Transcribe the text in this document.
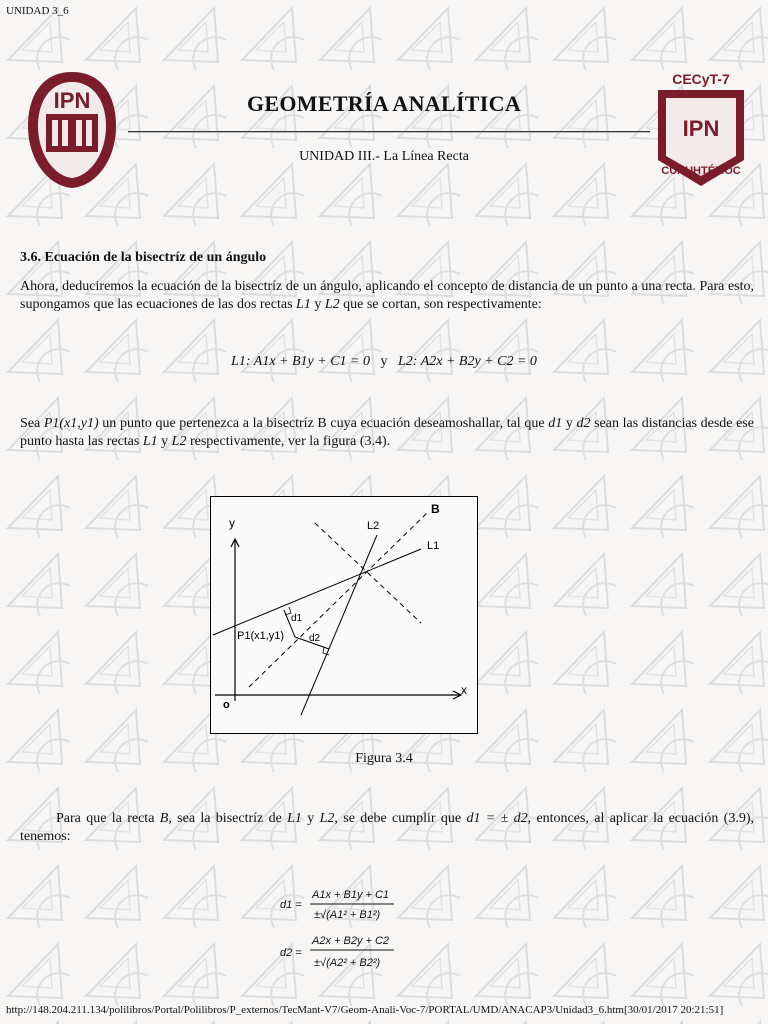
UNIDAD 3_6
IPN
CECyT-7
IPN
CUAUHTÉMOC
GEOMETRÍA ANALÍTICA
UNIDAD III.- La Línea Recta
3.6. Ecuación de la bisectríz de un ángulo
Ahora, deduciremos la ecuación de la bisectríz de un ángulo, aplicando el concepto de distancia de un punto a una recta. Para esto, supongamos que las ecuaciones de las dos rectas L1 y L2 que se cortan, son respectivamente:
L1: A1x + B1y + C1 = 0 y L2: A2x + B2y + C2 = 0
Sea P1(x1,y1) un punto que pertenezca a la bisectríz B cuya ecuación deseamoshallar, tal que d1 y d2 sean las distancias desde ese punto hasta las rectas L1 y L2 respectivamente, ver la figura (3.4).
y
x
o
B
L1
L2
P1(x1,y1)
d1
d2
Figura 3.4
Para que la recta B, sea la bisectríz de L1 y L2, se debe cumplir que d1 = ± d2, entonces, al aplicar la ecuación (3.9), tenemos:
d1 =
A1x + B1y + C1
±√(A1² + B1²)
d2 =
A2x + B2y + C2
±√(A2² + B2²)
http://148.204.211.134/polilibros/Portal/Polilibros/P_externos/TecMant-V7/Geom-Anali-Voc-7/PORTAL/UMD/ANACAP3/Unidad3_6.htm[30/01/2017 20:21:51]
